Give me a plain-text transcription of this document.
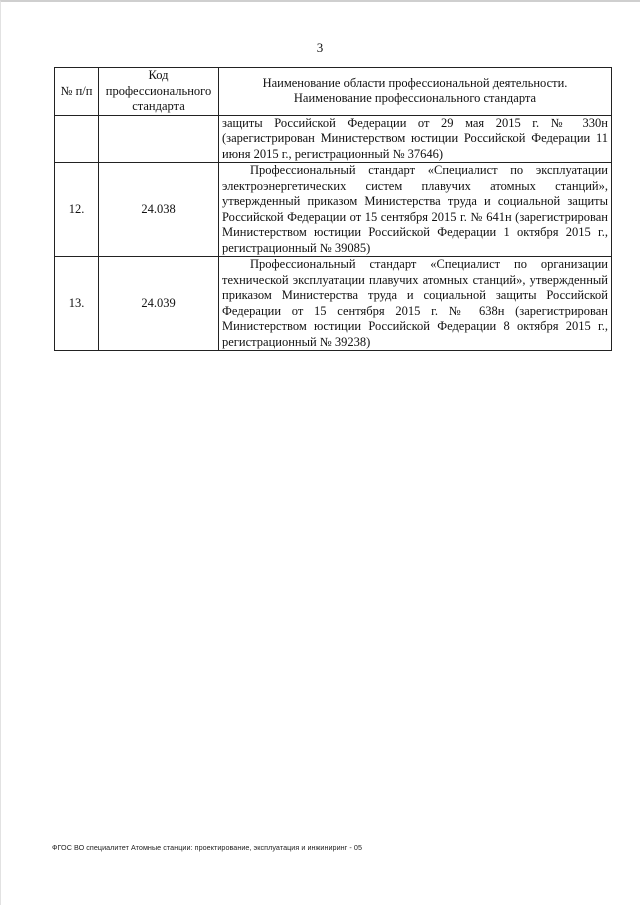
3
№ п/п	Код профессионального стандарта	Наименование области профессиональной деятельности.
Наименование профессионального стандарта

		защиты Российской Федерации от 29 мая 2015 г. № 330н (зарегистрирован Министерством юстиции Российской Федерации 11 июня 2015 г., регистрационный № 37646)
12.	24.038	Профессиональный стандарт «Специалист по эксплуатации электроэнергетических систем плавучих атомных станций», утвержденный приказом Министерства труда и социальной защиты Российской Федерации от 15 сентября 2015 г. № 641н (зарегистрирован Министерством юстиции Российской Федерации 1 октября 2015 г., регистрационный № 39085)
13.	24.039	Профессиональный стандарт «Специалист по организации технической эксплуатации плавучих атомных станций», утвержденный приказом Министерства труда и социальной защиты Российской Федерации от 15 сентября 2015 г. № 638н (зарегистрирован Министерством юстиции Российской Федерации 8 октября 2015 г., регистрационный № 39238)
ФГОС ВО специалитет Атомные станции: проектирование, эксплуатация и инжиниринг - 05
